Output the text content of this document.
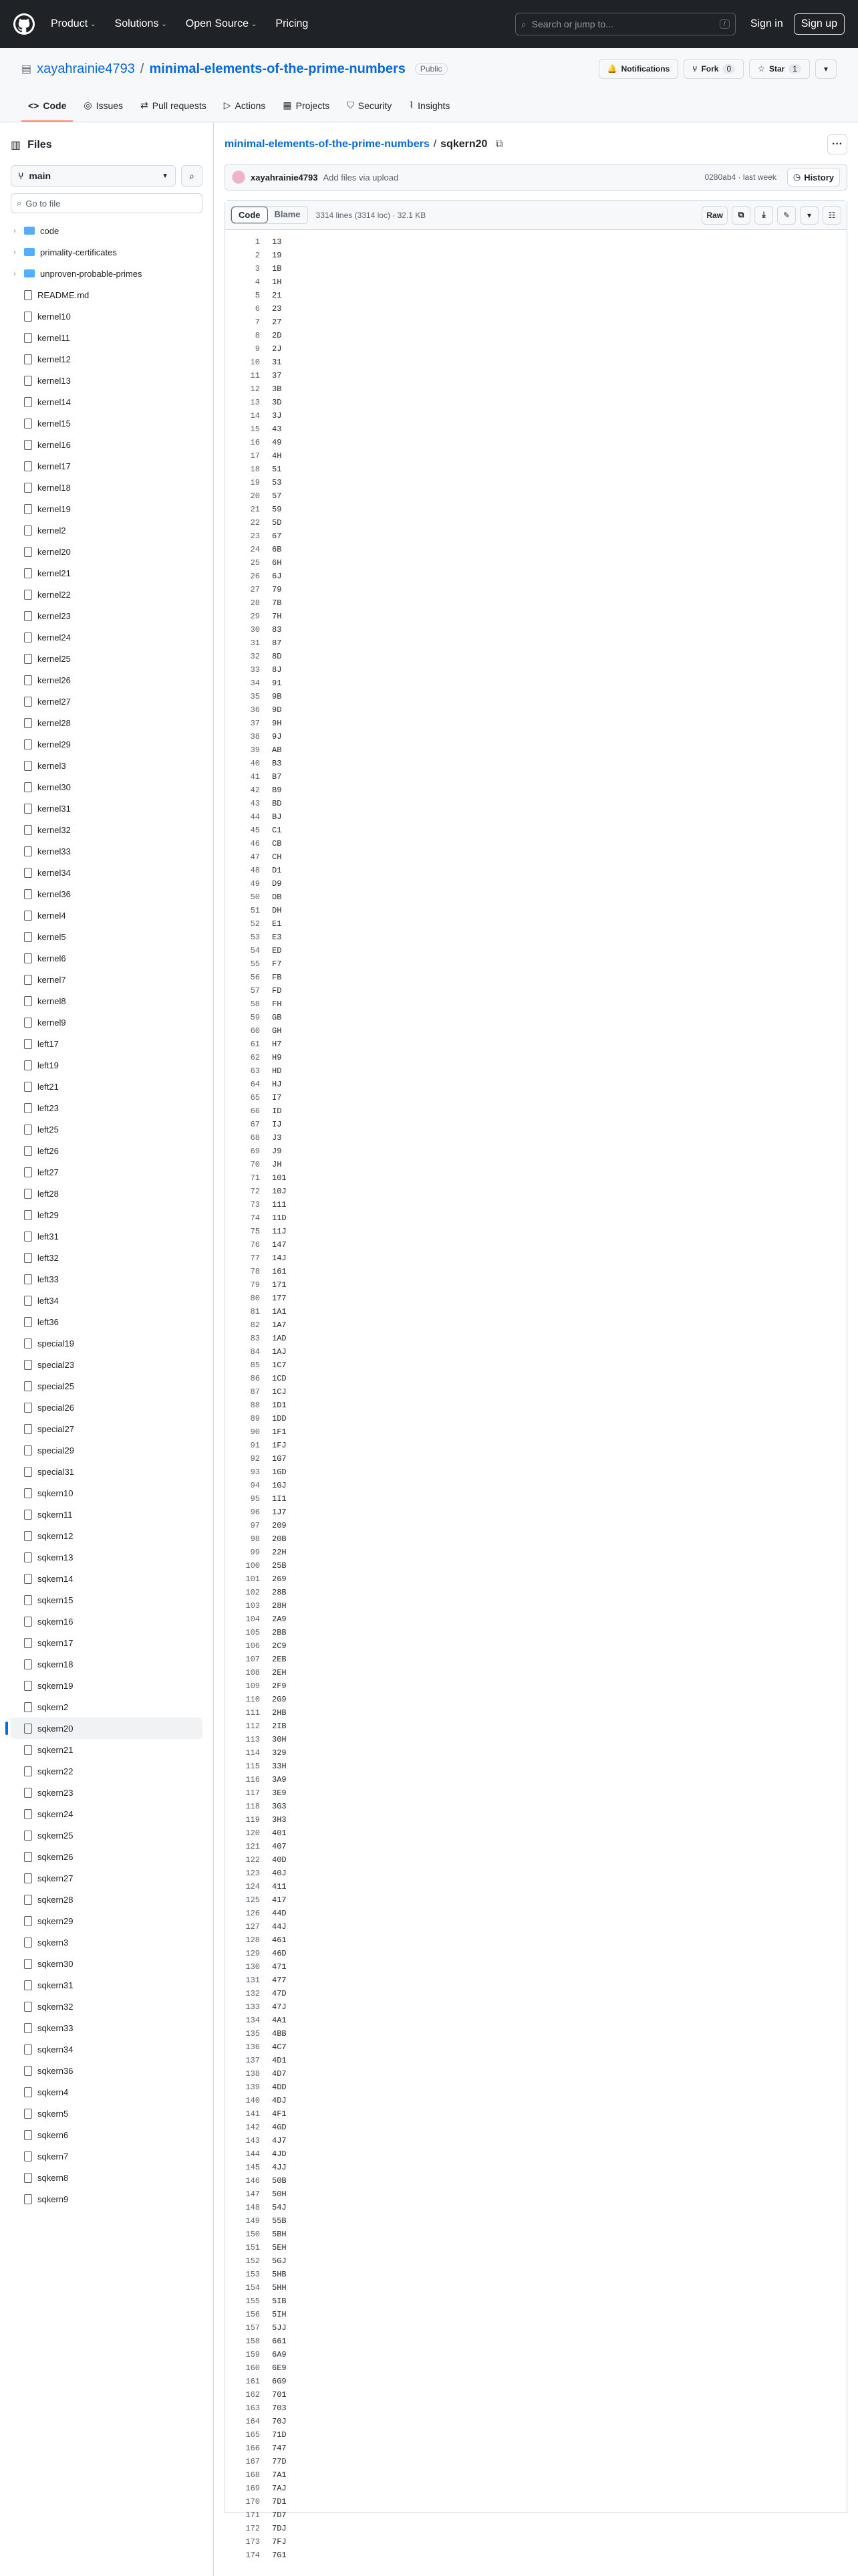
Product ⌄ Solutions ⌄ Open Source ⌄ Pricing	⌕ Search or jump to...	/	Sign in	Sign up
▤ xayahrainie4793 / minimal-elements-of-the-prime-numbers	Public	🔔 Notifications	⑂ Fork	0	☆ Star	1	▾
<> Code ◎ Issues ⇄ Pull requests ▷ Actions ▦ Projects ⛉ Security ⌇ Insights
▥ Files
⑂ main	▼ ⌕
⌕ Go to file
›	code
›	primality-certificates
›	unproven-probable-primes
README.md
kernel10
kernel11
kernel12
kernel13
kernel14
kernel15
kernel16
kernel17
kernel18
kernel19
kernel2
kernel20
kernel21
kernel22
kernel23
kernel24
kernel25
kernel26
kernel27
kernel28
kernel29
kernel3
kernel30
kernel31
kernel32
kernel33
kernel34
kernel36
kernel4
kernel5
kernel6
kernel7
kernel8
kernel9
left17
left19
left21
left23
left25
left26
left27
left28
left29
left31
left32
left33
left34
left36
special19
special23
special25
special26
special27
special29
special31
sqkern10
sqkern11
sqkern12
sqkern13
sqkern14
sqkern15
sqkern16
sqkern17
sqkern18
sqkern19
sqkern2
sqkern20
sqkern21
sqkern22
sqkern23
sqkern24
sqkern25
sqkern26
sqkern27
sqkern28
sqkern29
sqkern3
sqkern30
sqkern31
sqkern32
sqkern33
sqkern34
sqkern36
sqkern4
sqkern5
sqkern6
sqkern7
sqkern8
sqkern9
minimal-elements-of-the-prime-numbers / sqkern20 ⧉	···
xayahrainie4793 Add files via upload	0280ab4 · last week ◷ History
Code	Blame	3314 lines (3314 loc) · 32.1 KB	Raw	⧉	⤓	✎	▾	☷
1	13
2	19
3	1B
4	1H
5	21
6	23
7	27
8	2D
9	2J
10	31
11	37
12	3B
13	3D
14	3J
15	43
16	49
17	4H
18	51
19	53
20	57
21	59
22	5D
23	67
24	6B
25	6H
26	6J
27	79
28	7B
29	7H
30	83
31	87
32	8D
33	8J
34	91
35	9B
36	9D
37	9H
38	9J
39	AB
40	B3
41	B7
42	B9
43	BD
44	BJ
45	C1
46	CB
47	CH
48	D1
49	D9
50	DB
51	DH
52	E1
53	E3
54	ED
55	F7
56	FB
57	FD
58	FH
59	GB
60	GH
61	H7
62	H9
63	HD
64	HJ
65	I7
66	ID
67	IJ
68	J3
69	J9
70	JH
71	101
72	10J
73	111
74	11D
75	11J
76	147
77	14J
78	161
79	171
80	177
81	1A1
82	1A7
83	1AD
84	1AJ
85	1C7
86	1CD
87	1CJ
88	1D1
89	1DD
90	1F1
91	1FJ
92	1G7
93	1GD
94	1GJ
95	1I1
96	1J7
97	209
98	20B
99	22H
100	25B
101	269
102	28B
103	28H
104	2A9
105	2BB
106	2C9
107	2EB
108	2EH
109	2F9
110	2G9
111	2HB
112	2IB
113	30H
114	329
115	33H
116	3A9
117	3E9
118	3G3
119	3H3
120	401
121	407
122	40D
123	40J
124	411
125	417
126	44D
127	44J
128	461
129	46D
130	471
131	477
132	47D
133	47J
134	4A1
135	4BB
136	4C7
137	4D1
138	4D7
139	4DD
140	4DJ
141	4F1
142	4GD
143	4J7
144	4JD
145	4JJ
146	50B
147	50H
148	54J
149	55B
150	5BH
151	5EH
152	5GJ
153	5HB
154	5HH
155	5IB
156	5IH
157	5JJ
158	661
159	6A9
160	6E9
161	6G9
162	701
163	703
164	70J
165	71D
166	747
167	77D
168	7A1
169	7AJ
170	7D1
171	7D7
172	7DJ
173	7FJ
174	7G1
